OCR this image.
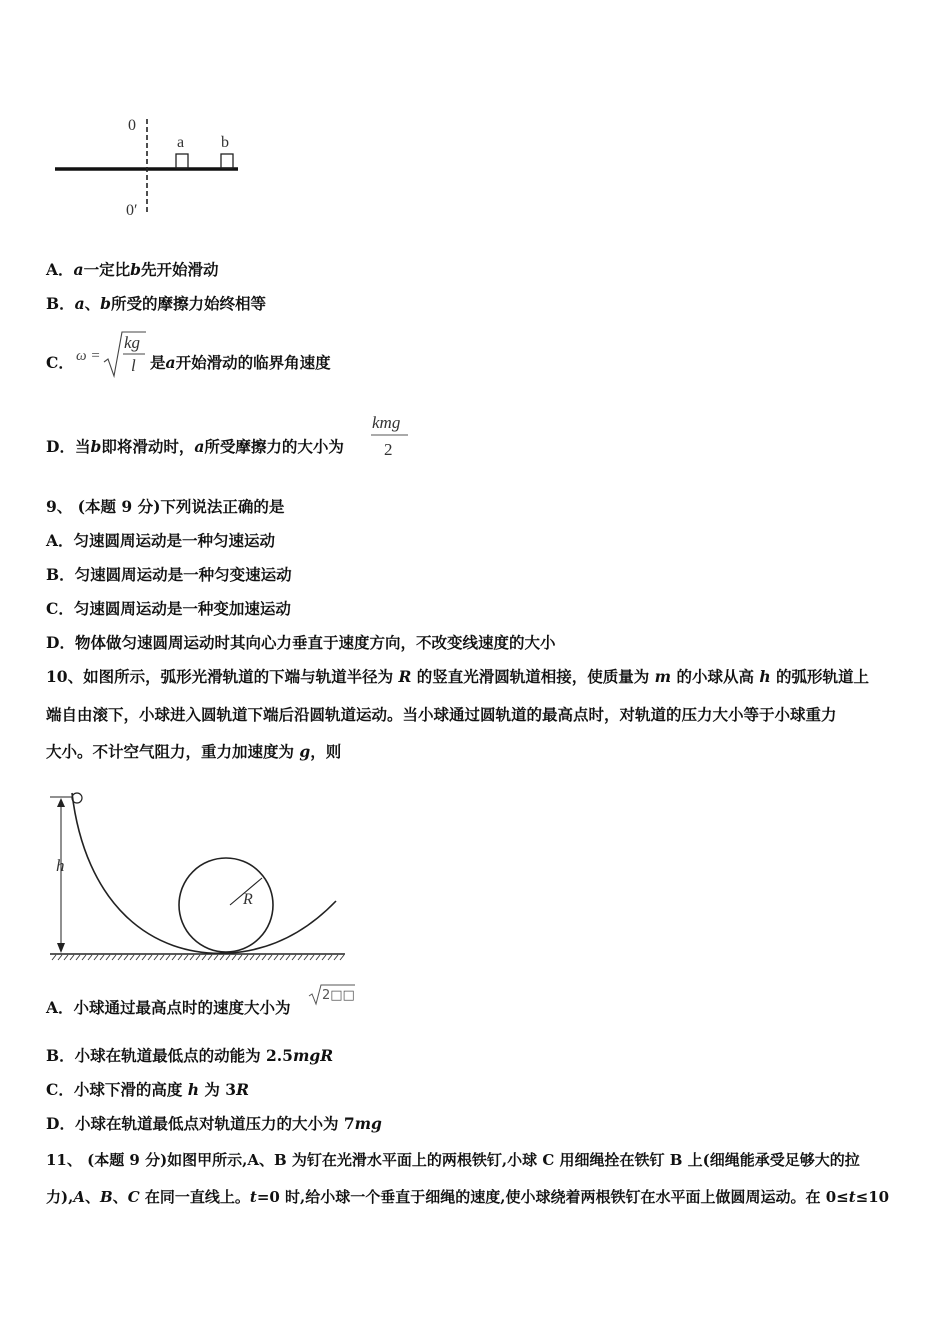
0
0′
a b
A．a一定比b先开始滑动
B．a、b所受的摩擦力始终相等
C． ω =
kg
l 是a开始滑动的临界角速度
D．当b即将滑动时，a所受摩擦力的大小为
kmg
2
9、 (本题 9 分)下列说法正确的是
A．匀速圆周运动是一种匀速运动
B．匀速圆周运动是一种匀变速运动
C．匀速圆周运动是一种变加速运动
D．物体做匀速圆周运动时其向心力垂直于速度方向，不改变线速度的大小
10、如图所示，弧形光滑轨道的下端与轨道半径为 R 的竖直光滑圆轨道相接，使质量为 m 的小球从高 h 的弧形轨道上
端自由滚下，小球进入圆轨道下端后沿圆轨道运动。当小球通过圆轨道的最高点时，对轨道的压力大小等于小球重力
大小。不计空气阻力，重力加速度为 g，则
h
R
A．小球通过最高点时的速度大小为
2□□
B．小球在轨道最低点的动能为 2.5mgR
C．小球下滑的高度 h 为 3R
D．小球在轨道最低点对轨道压力的大小为 7mg
11、 (本题 9 分)如图甲所示,A、B 为钉在光滑水平面上的两根铁钉,小球 C 用细绳拴在铁钉 B 上(细绳能承受足够大的拉
力),A、B、C 在同一直线上。t=0 时,给小球一个垂直于细绳的速度,使小球绕着两根铁钉在水平面上做圆周运动。在 0≤t≤10
